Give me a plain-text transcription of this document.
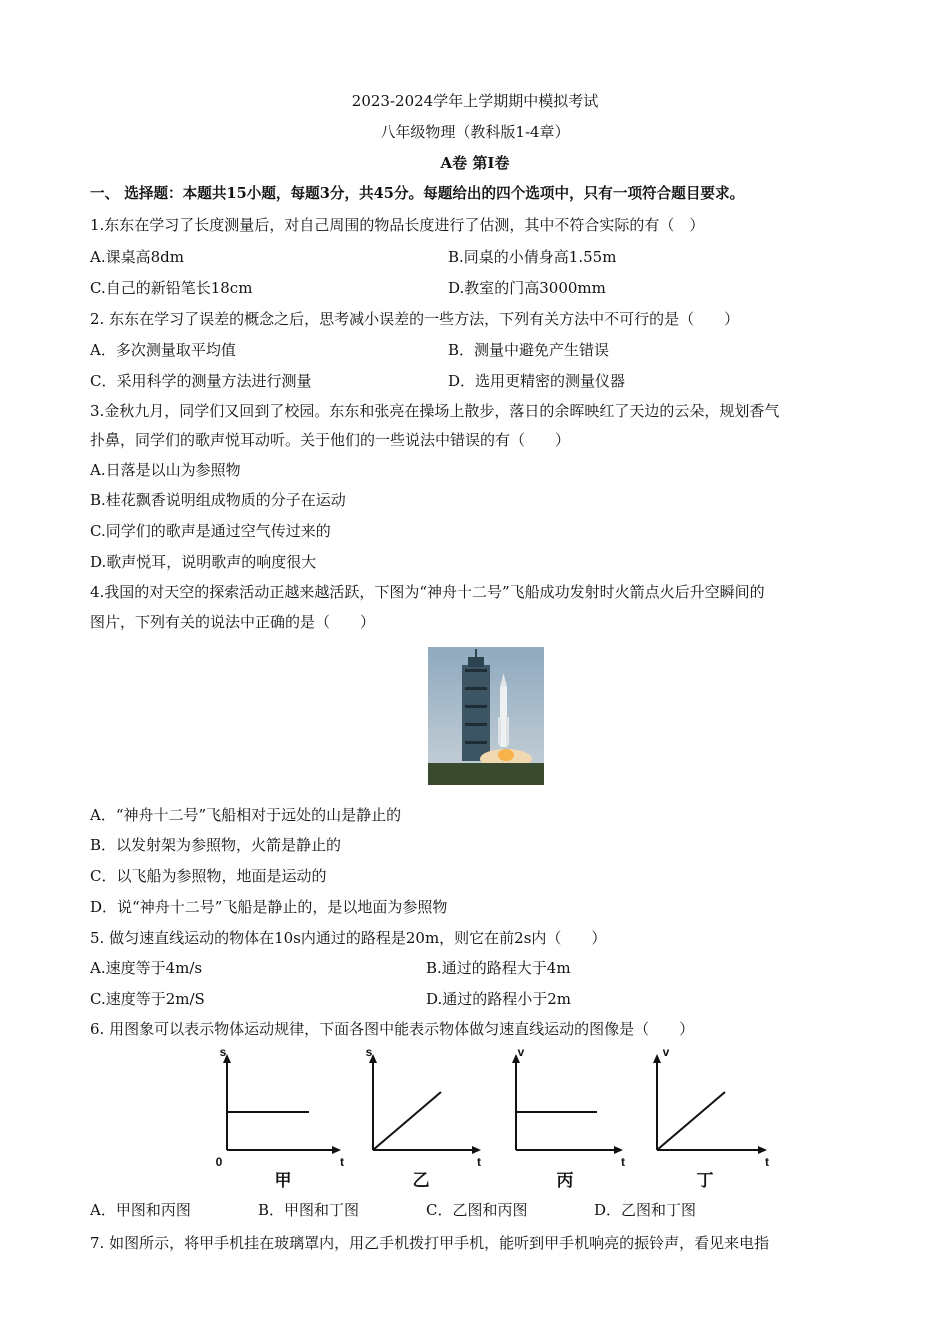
2023-2024学年上学期期中模拟考试
八年级物理（教科版1-4章）
A卷 第Ⅰ卷
一、 选择题：本题共15小题，每题3分，共45分。每题给出的四个选项中，只有一项符合题目要求。
1.东东在学习了长度测量后，对自己周围的物品长度进行了估测，其中不符合实际的有（　）
A.课桌高8dm	B.同桌的小倩身高1.55m
C.自己的新铅笔长18cm	D.教室的门高3000mm
2. 东东在学习了误差的概念之后，思考减小误差的一些方法，下列有关方法中不可行的是（　　）
A．多次测量取平均值	B．测量中避免产生错误
C．采用科学的测量方法进行测量	D．选用更精密的测量仪器
3.金秋九月，同学们又回到了校园。东东和张亮在操场上散步，落日的余晖映红了天边的云朵，规划香气
扑鼻，同学们的歌声悦耳动听。关于他们的一些说法中错误的有（　　）
A.日落是以山为参照物
B.桂花飘香说明组成物质的分子在运动
C.同学们的歌声是通过空气传过来的
D.歌声悦耳，说明歌声的响度很大
4.我国的对天空的探索活动正越来越活跃，下图为“神舟十二号”飞船成功发射时火箭点火后升空瞬间的
图片，下列有关的说法中正确的是（　　）
A．“神舟十二号”飞船相对于远处的山是静止的
B．以发射架为参照物，火箭是静止的
C．以飞船为参照物，地面是运动的
D．说“神舟十二号”飞船是静止的，是以地面为参照物
5. 做匀速直线运动的物体在10s内通过的路程是20m，则它在前2s内（　　）
A.速度等于4m/s	B.通过的路程大于4m
C.速度等于2m/S	D.通过的路程小于2m
6. 用图象可以表示物体运动规律，下面各图中能表示物体做匀速直线运动的图像是（　　）
s
t
0
甲
s
t
乙
v
t
丙
v
t
丁
A．甲图和丙图	B．甲图和丁图	C．乙图和丙图	D．乙图和丁图
7. 如图所示，将甲手机挂在玻璃罩内，用乙手机拨打甲手机，能听到甲手机响亮的振铃声，看见来电指
